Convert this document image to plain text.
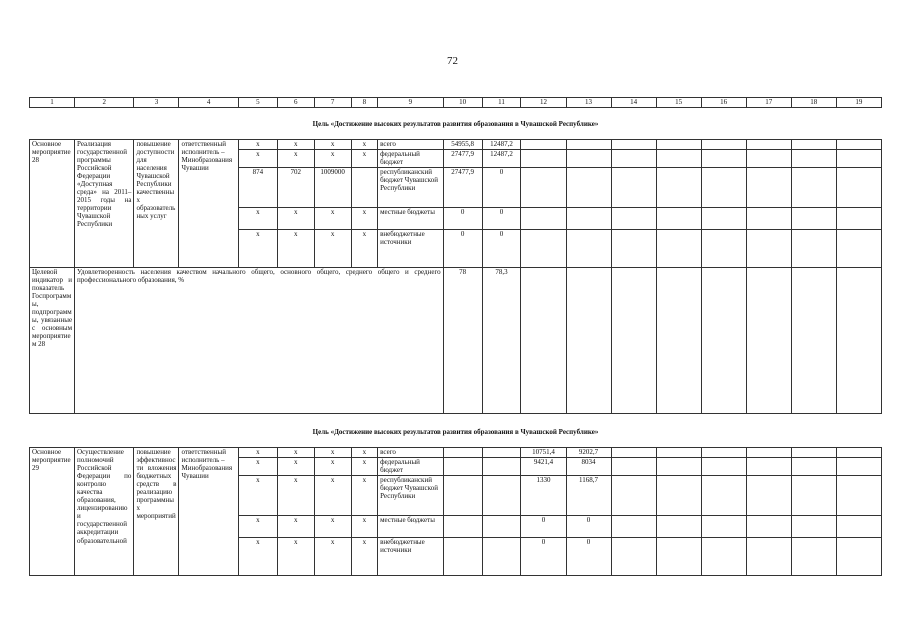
72
1	2	3	4	5	6	7	8	9	10	11	12	13	14	15	16	17	18	19
Цель «Достижение высоких результатов развития образования в Чувашской Республике»
Основное мероприятие 28	Реализация государственной программы Российской Федерации «Доступная среда» на 2011–2015 годы на территории Чувашской Республики	повышение доступности для населения Чувашской Республики качественных образовательных услуг	ответственный исполнитель – Минобразования Чувашии	х	х	х	х	всего	54955,8	12487,2								
				х	х	х	х	федеральный бюджет	27477,9	12487,2								
				874	702	1009000		республиканский бюджет Чувашской Республики	27477,9	0								
				х	х	х	х	местные бюджеты	0	0								
				х	х	х	х	внебюджетные источники	0	0								
Целевой индикатор и показатель Госпрограммы, подпрограммы, увязанные с основным мероприятием 28	Удовлетворенность населения качеством начального общего, основного общего, среднего общего и среднего профессионального образования, %								78	78,3								
Цель «Достижение высоких результатов развития образования в Чувашской Республике»
Основное мероприятие 29	Осуществление полномочий Российской Федерации по контролю качества образования, лицензированию и государственной аккредитации образовательной	повышение эффективности вложения бюджетных средств в реализацию программных мероприятий	ответственный исполнитель – Минобразования Чувашии	х	х	х	х	всего			10751,4	9202,7						
				х	х	х	х	федеральный бюджет			9421,4	8034						
				х	х	х	х	республиканский бюджет Чувашской Республики			1330	1168,7						
				х	х	х	х	местные бюджеты			0	0						
				х	х	х	х	внебюджетные источники			0	0						
